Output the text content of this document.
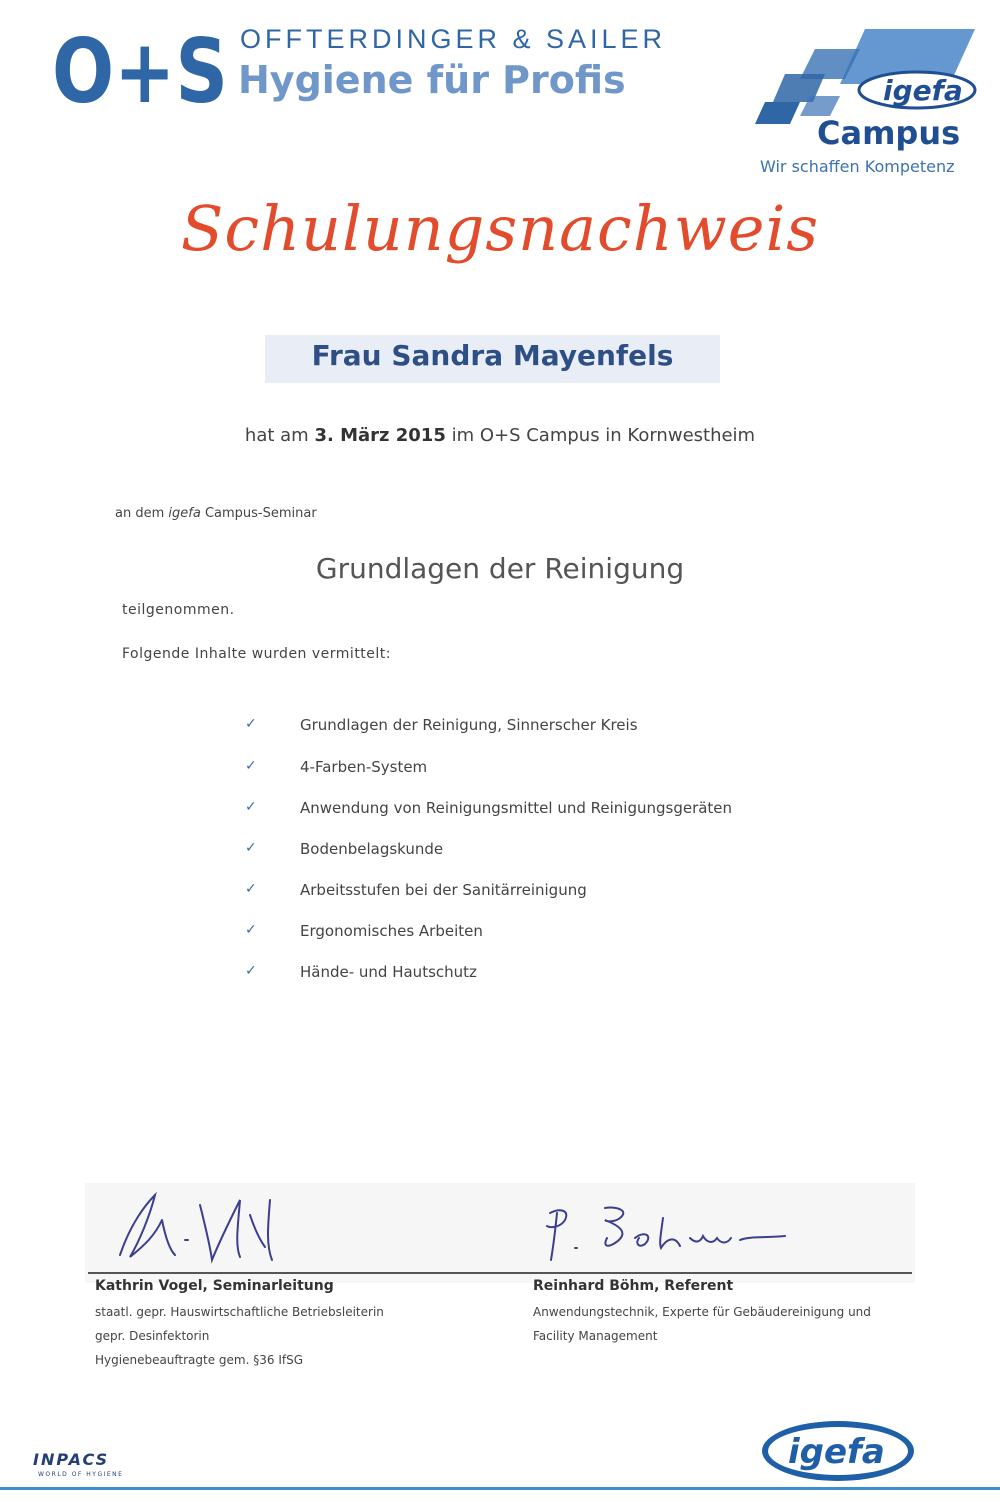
O+S OFFTERDINGER & SAILER
Hygiene für Profis	igefa
Campus
Wir schaffen Kompetenz
Schulungsnachweis
Frau Sandra Mayenfels
hat am 3. März 2015 im O+S Campus in Kornwestheim
an dem igefa Campus-Seminar
Grundlagen der Reinigung
teilgenommen.
Folgende Inhalte wurden vermittelt:
✓	Grundlagen der Reinigung, Sinnerscher Kreis
✓	4-Farben-System
✓	Anwendung von Reinigungsmittel und Reinigungsgeräten
✓	Bodenbelagskunde
✓	Arbeitsstufen bei der Sanitärreinigung
✓	Ergonomisches Arbeiten
✓	Hände- und Hautschutz
Kathrin Vogel, Seminarleitung
staatl. gepr. Hauswirtschaftliche Betriebsleiterin
gepr. Desinfektorin
Hygienebeauftragte gem. §36 IfSG
Reinhard Böhm, Referent
Anwendungstechnik, Experte für Gebäudereinigung und
Facility Management
INPACS
WORLD OF HYGIENE
igefa
